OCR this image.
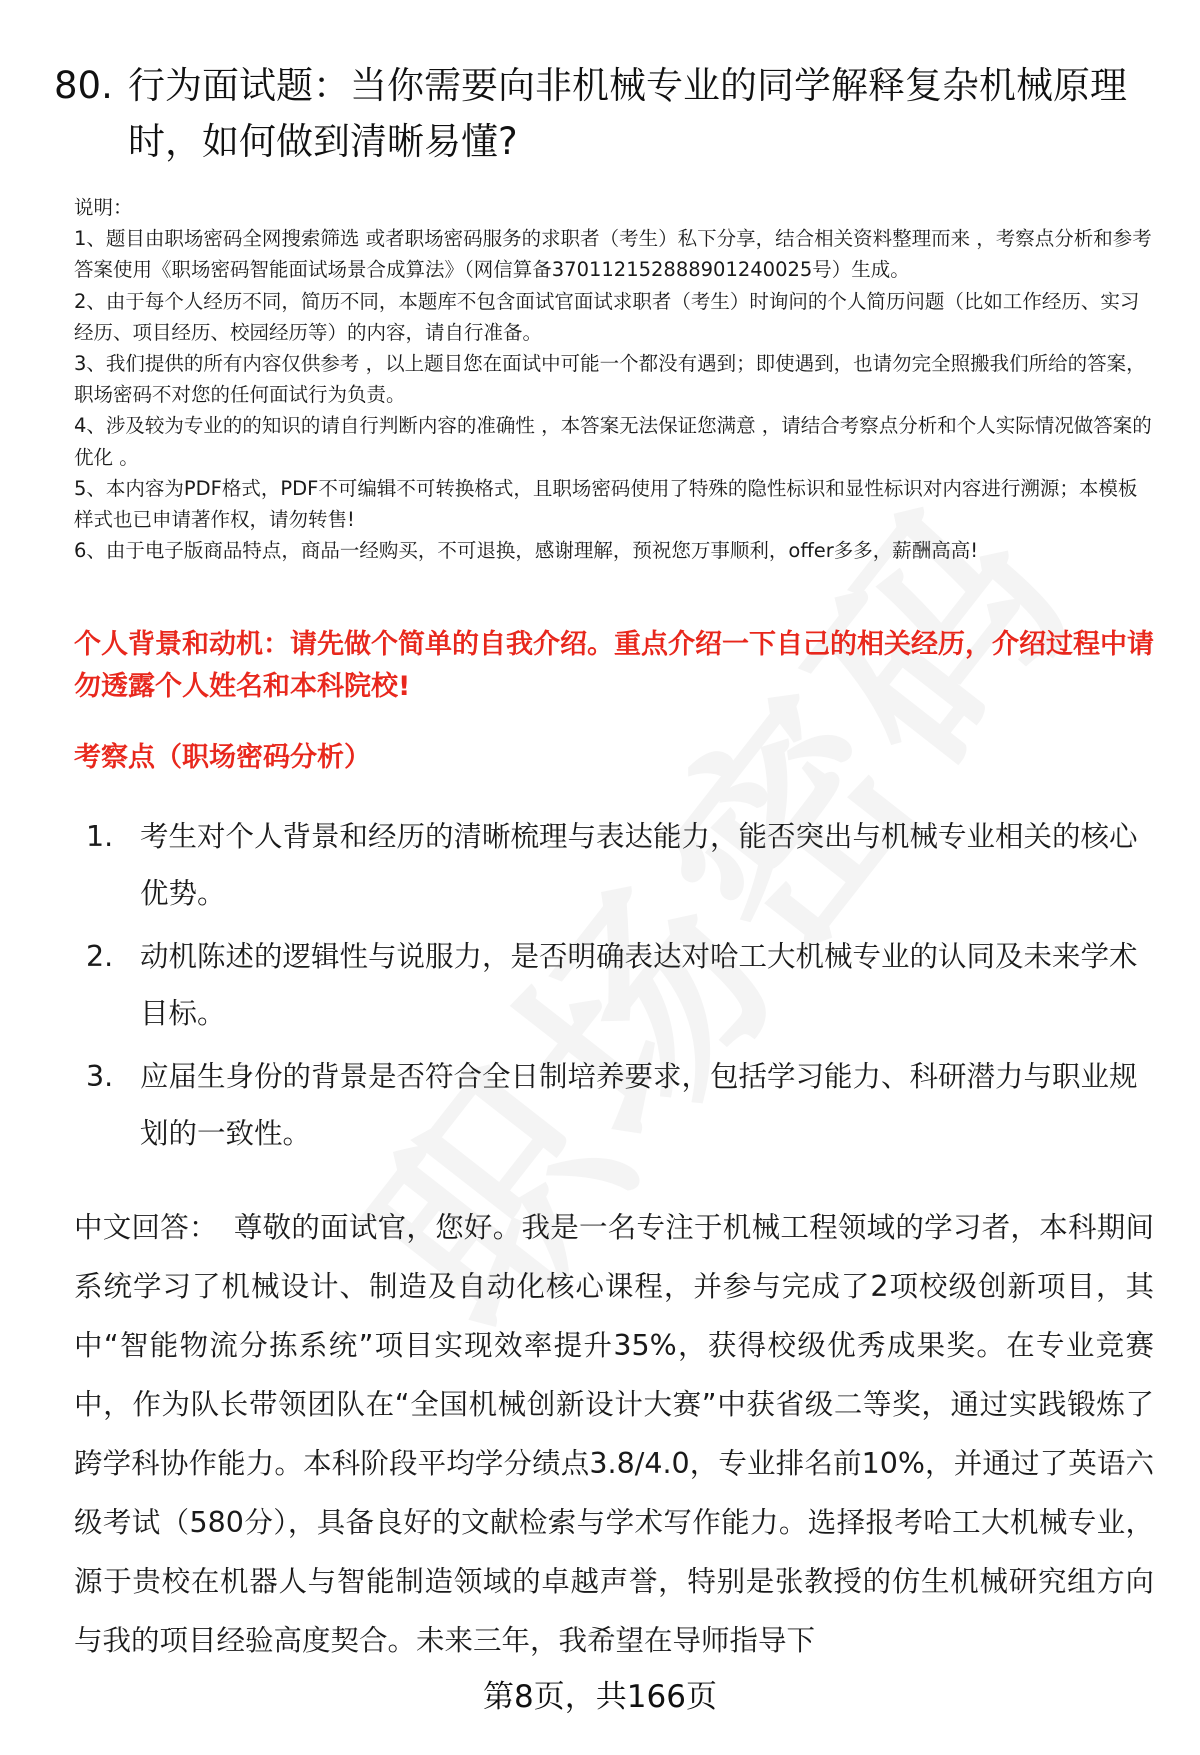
80. 行为面试题：当你需要向非机械专业的同学解释复杂机械原理时，如何做到清晰易懂?

说明：

1、题目由职场密码全网搜索筛选 或者职场密码服务的求职者（考生）私下分享，结合相关资料整理而来 ，考察点分析和参考答案使用《职场密码智能面试场景合成算法》（网信算备370112152888901240025号）生成。

2、由于每个人经历不同，简历不同，本题库不包含面试官面试求职者（考生）时询问的个人简历问题（比如工作经历、实习经历、项目经历、校园经历等）的内容，请自行准备。

3、我们提供的所有内容仅供参考 ，以上题目您在面试中可能一个都没有遇到；即使遇到，也请勿完全照搬我们所给的答案，职场密码不对您的任何面试行为负责。

4、涉及较为专业的的知识的请自行判断内容的准确性 ，本答案无法保证您满意 ，请结合考察点分析和个人实际情况做答案的优化 。

5、本内容为PDF格式，PDF不可编辑不可转换格式，且职场密码使用了特殊的隐性标识和显性标识对内容进行溯源；本模板样式也已申请著作权，请勿转售!

6、由于电子版商品特点，商品一经购买，不可退换，感谢理解，预祝您万事顺利，offer多多，薪酬高高!

个人背景和动机：请先做个简单的自我介绍。重点介绍一下自己的相关经历，介绍过程中请勿透露个人姓名和本科院校!
考察点（职场密码分析）
1. 考生对个人背景和经历的清晰梳理与表达能力，能否突出与机械专业相关的核心优势。
2. 动机陈述的逻辑性与说服力，是否明确表达对哈工大机械专业的认同及未来学术目标。
3. 应届生身份的背景是否符合全日制培养要求，包括学习能力、科研潜力与职业规划的一致性。
中文回答： 尊敬的面试官，您好。我是一名专注于机械工程领域的学习者，本科期间系统学习了机械设计、制造及自动化核心课程，并参与完成了2项校级创新项目，其中“智能物流分拣系统”项目实现效率提升35%，获得校级优秀成果奖。在专业竞赛中，作为队长带领团队在“全国机械创新设计大赛”中获省级二等奖，通过实践锻炼了跨学科协作能力。本科阶段平均学分绩点3.8/4.0，专业排名前10%，并通过了英语六级考试（580分），具备良好的文献检索与学术写作能力。选择报考哈工大机械专业，源于贵校在机器人与智能制造领域的卓越声誉，特别是张教授的仿生机械研究组方向与我的项目经验高度契合。未来三年，我希望在导师指导下
第8页，共166页
